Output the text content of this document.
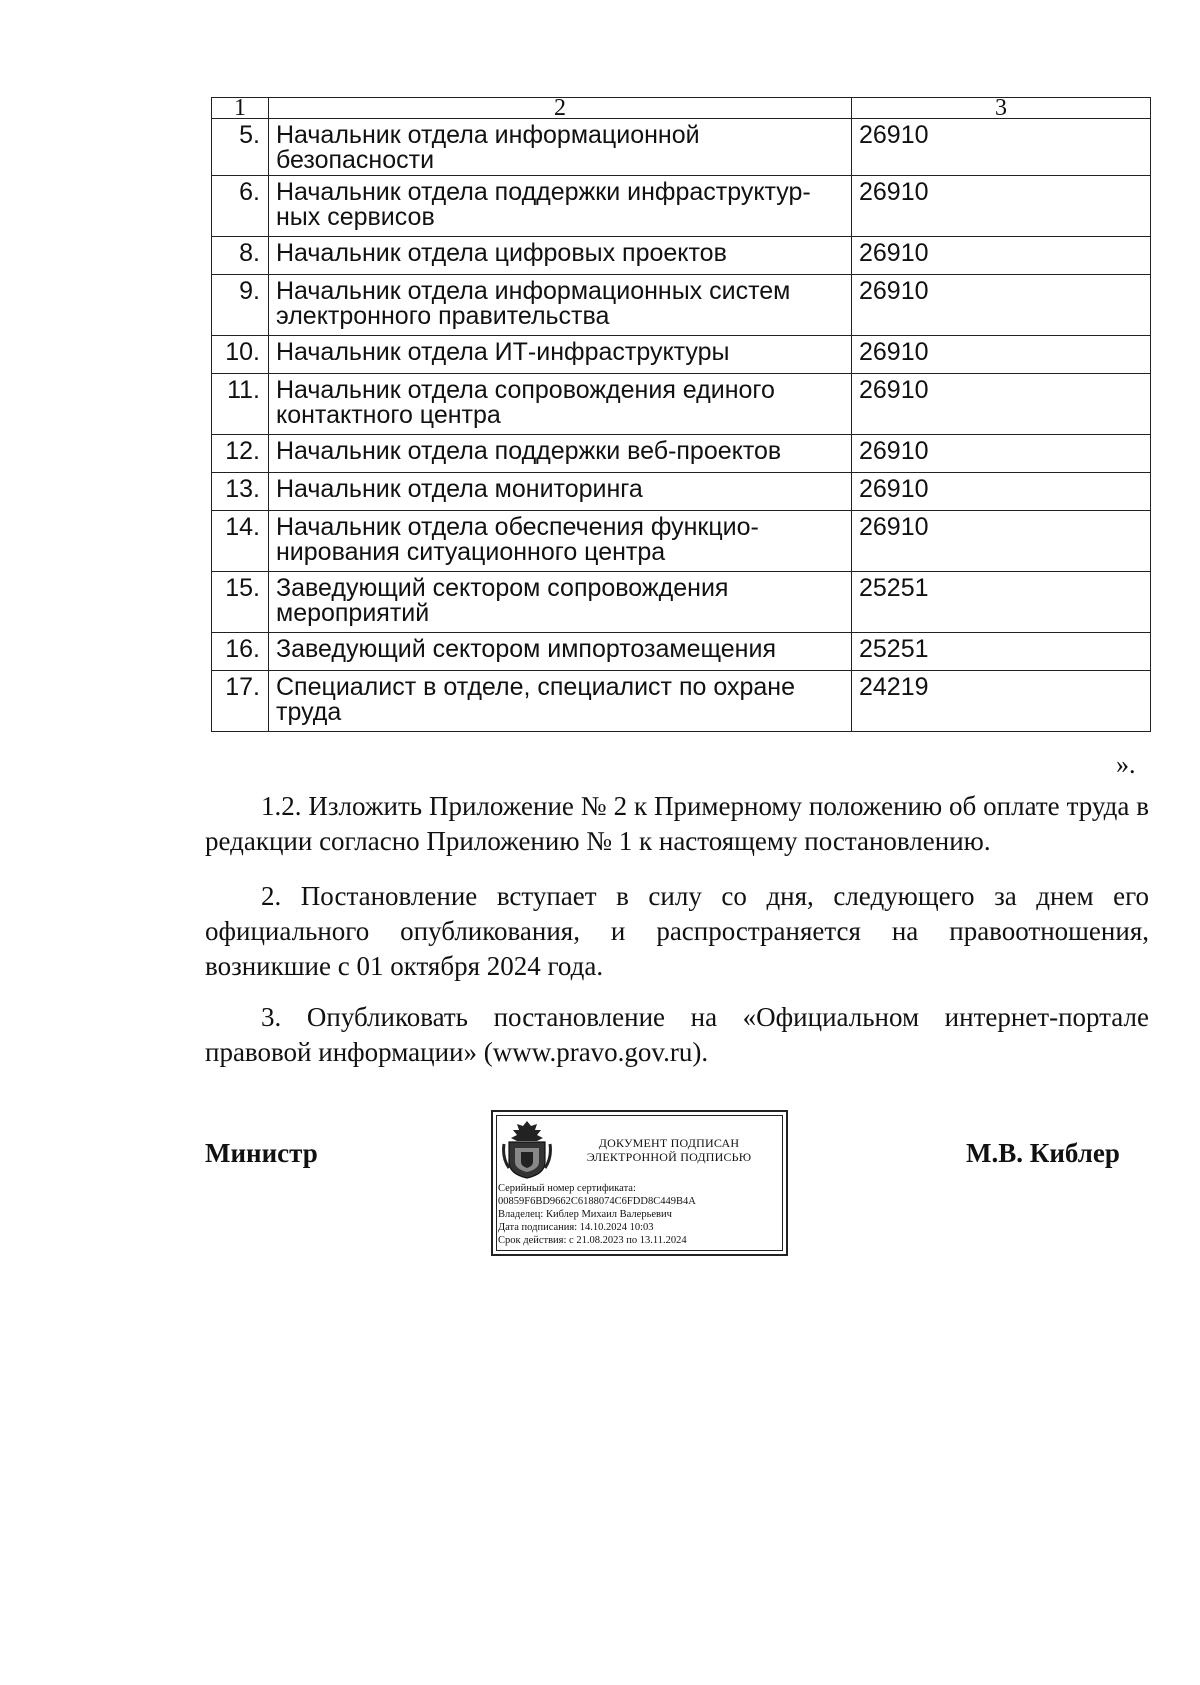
1	2	3
5.	Начальник отдела информационной безопасности	26910
6.	Начальник отдела поддержки инфраструктур-ных сервисов	26910
8.	Начальник отдела цифровых проектов	26910
9.	Начальник отдела информационных систем электронного правительства	26910
10.	Начальник отдела ИТ-инфраструктуры	26910
11.	Начальник отдела сопровождения единого контактного центра	26910
12.	Начальник отдела поддержки веб-проектов	26910
13.	Начальник отдела мониторинга	26910
14.	Начальник отдела обеспечения функцио-нирования ситуационного центра	26910
15.	Заведующий сектором сопровождения мероприятий	25251
16.	Заведующий сектором импортозамещения	25251
17.	Специалист в отделе, специалист по охране труда	24219
».
1.2. Изложить Приложение № 2 к Примерному положению об оплате труда в редакции согласно Приложению № 1 к настоящему постановлению.
2. Постановление вступает в силу со дня, следующего за днем его официального опубликования, и распространяется на правоотношения, возникшие с 01 октября 2024 года.
3. Опубликовать постановление на «Официальном интернет-портале правовой информации» (www.pravo.gov.ru).
Министр	М.В. Киблер
ДОКУМЕНТ ПОДПИСАН
ЭЛЕКТРОННОЙ ПОДПИСЬЮ
Серийный номер сертификата:
00859F6BD9662C6188074C6FDD8C449B4A
Владелец: Киблер Михаил Валерьевич
Дата подписания: 14.10.2024 10:03
Срок действия: с 21.08.2023 по 13.11.2024
